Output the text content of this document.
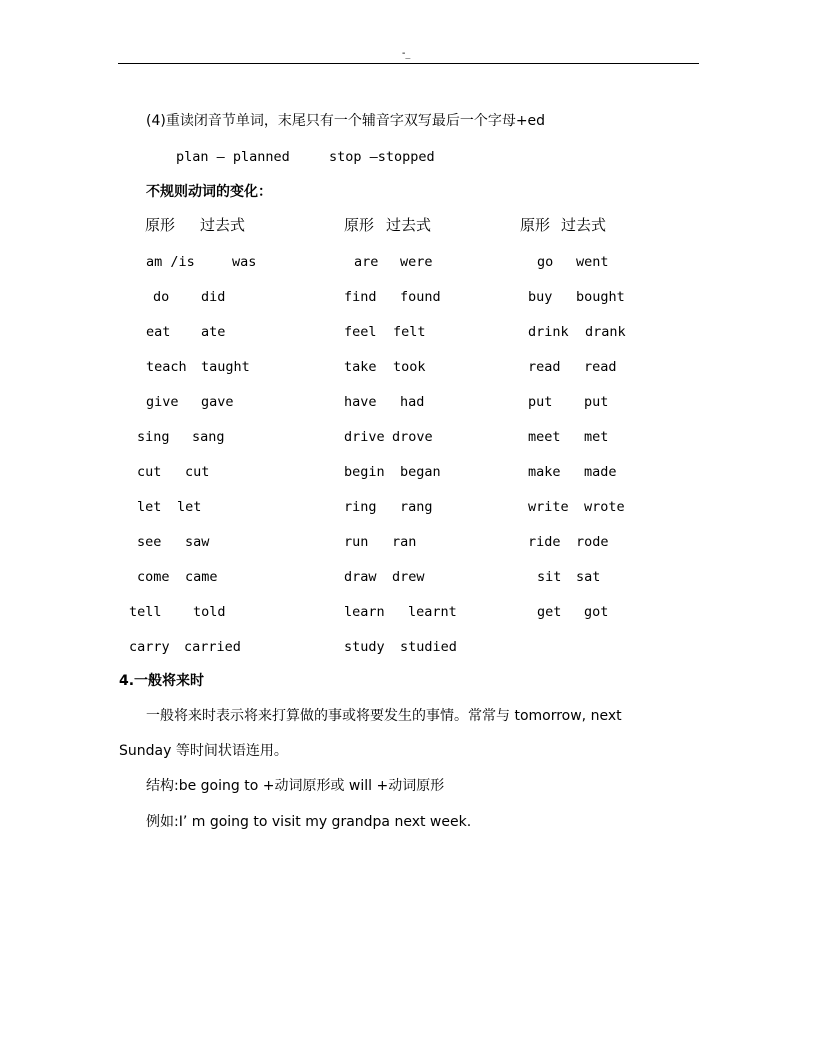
-_
(4)重读闭音节单词，末尾只有一个辅音字双写最后一个字母+ed
plan – planned	stop –stopped
不规则动词的变化：
原形 过去式	原形 过去式	原形 过去式
am /is	was	are were	go went
do did	find found	buy bought
eat ate	feel felt	drink drank
teach taught	take took	read read
give gave	have had	put put
sing sang	drive drove	meet met
cut cut	begin began	make made
let let	ring rang	write wrote
see saw	run ran	ride rode
come came	draw drew	sit sat
tell told	learn learnt	get got
carry carried	study studied
4.一般将来时
一般将来时表示将来打算做的事或将要发生的事情。常常与 tomorrow, next
Sunday 等时间状语连用。
结构:be going to +动词原形或 will +动词原形
例如:I’ m going to visit my grandpa next week.
